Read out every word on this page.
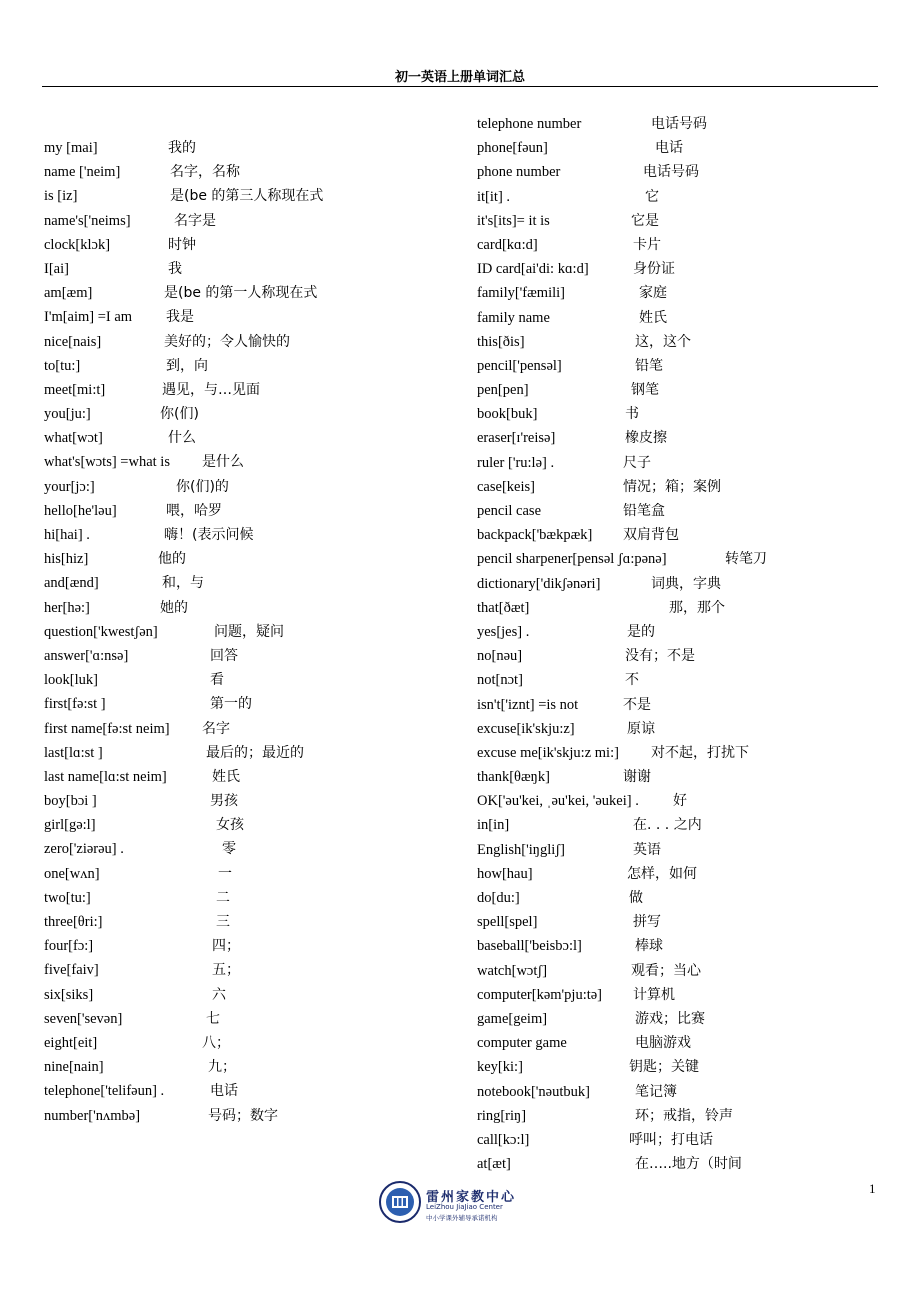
初一英语上册单词汇总
my [mai]	我的
name ['neim]	名字，名称
is [iz]	是(be 的第三人称现在式
name's['neims]	名字是
clock[klɔk]	时钟
I[ai]	我
am[æm]	是(be 的第一人称现在式
I'm[aim] =I am 我是
nice[nais]	美好的；令人愉快的
to[tu:]	到，向
meet[mi:t]	遇见，与…见面
you[ju:]	你(们)
what[wɔt]	什么
what's[wɔts] =what is 是什么
your[jɔ:]	你(们)的
hello[he'ləu]	喂，哈罗
hi[hai] .	嗨！(表示问候
his[hiz]	他的
and[ænd]	和，与
her[hə:]	她的
question['kwestʃən]	问题，疑问
answer['ɑ:nsə]	回答
look[luk]	看
first[fə:st ]	第一的
first name[fə:st neim] 名字
last[lɑ:st ]	最后的；最近的
last name[lɑ:st neim]	姓氏
boy[bɔi ]	男孩
girl[gə:l]	女孩
zero['ziərəu] .	零
one[wʌn]	一
two[tu:]	二
three[θri:]	三
four[fɔ:]	四；
five[faiv]	五；
six[siks]	六
seven['sevən]	七
eight[eit]	八；
nine[nain]	九；
telephone['telifəun] .	电话
number['nʌmbə]	号码；数字
telephone number	电话号码
phone[fəun]	电话
phone number	电话号码
it[it] .	它
it's[its]= it is	它是
card[kɑ:d]	卡片
ID card[ai'di: kɑ:d]	身份证
family['fæmili]	家庭
family name	姓氏
this[ðis]	这，这个
pencil['pensəl]	铅笔
pen[pen]	钢笔
book[buk]	书
eraser[ɪ'reisə]	橡皮擦
ruler ['ru:lə] .	尺子
case[keis]	情况；箱；案例
pencil case	铅笔盒
backpack['bækpæk] 双肩背包
pencil sharpener[pensəl ʃɑ:pənə]	转笔刀
dictionary['dikʃənəri]	词典，字典
that[ðæt]	那，那个
yes[jes] .	是的
no[nəu]	没有；不是
not[nɔt]	不
isn't['iznt] =is not	不是
excuse[ik'skju:z]	原谅
excuse me[ik'skju:z mi:] 对不起，打扰下
thank[θæŋk]	谢谢
OK['əu'kei, ˌəu'kei, 'əukei] . 好
in[in]	在. . . 之内
English['iŋgliʃ]	英语
how[hau]	怎样，如何
do[du:]	做
spell[spel]	拼写
baseball['beisbɔ:l]	棒球
watch[wɔtʃ]	观看；当心
computer[kəm'pju:tə] 计算机
game[geim]	游戏；比赛
computer game	电脑游戏
key[ki:]	钥匙；关键
notebook['nəutbuk]	笔记簿
ring[riŋ]	环；戒指，铃声
call[kɔ:l]	呼叫；打电话
at[æt]	在…..地方（时间
雷州家教中心
LeiZhou JiaJiao Center
中小学课外辅导承诺机构
1
